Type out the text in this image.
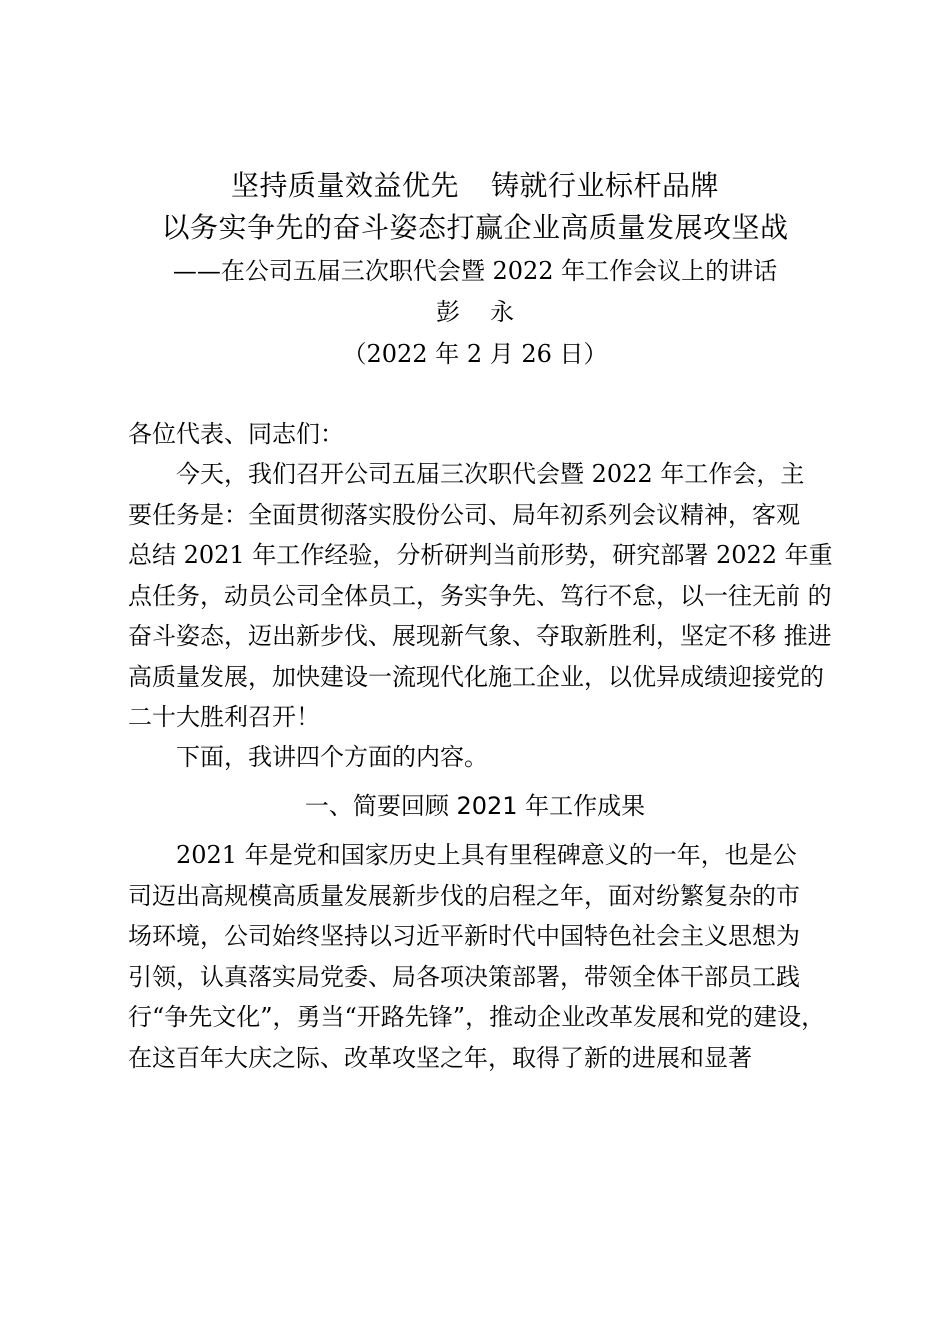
坚持质量效益优先 铸就行业标杆品牌
以务实争先的奋斗姿态打赢企业高质量发展攻坚战
——在公司五届三次职代会暨 2022 年工作会议上的讲话
彭 永
（2022 年 2 月 26 日）
各位代表、同志们：
今天，我们召开公司五届三次职代会暨 2022 年工作会，主
要任务是：全面贯彻落实股份公司、局年初系列会议精神，客观
总结 2021 年工作经验，分析研判当前形势，研究部署 2022 年重
点任务，动员公司全体员工，务实争先、笃行不怠，以一往无前 的
奋斗姿态，迈出新步伐、展现新气象、夺取新胜利，坚定不移 推进
高质量发展，加快建设一流现代化施工企业，以优异成绩迎接党的
二十大胜利召开！
下面，我讲四个方面的内容。
一、简要回顾 2021 年工作成果
2021 年是党和国家历史上具有里程碑意义的一年，也是公
司迈出高规模高质量发展新步伐的启程之年，面对纷繁复杂的市
场环境，公司始终坚持以习近平新时代中国特色社会主义思想为
引领，认真落实局党委、局各项决策部署，带领全体干部员工践
行“争先文化”，勇当“开路先锋”，推动企业改革发展和党的建设，
在这百年大庆之际、改革攻坚之年，取得了新的进展和显著
